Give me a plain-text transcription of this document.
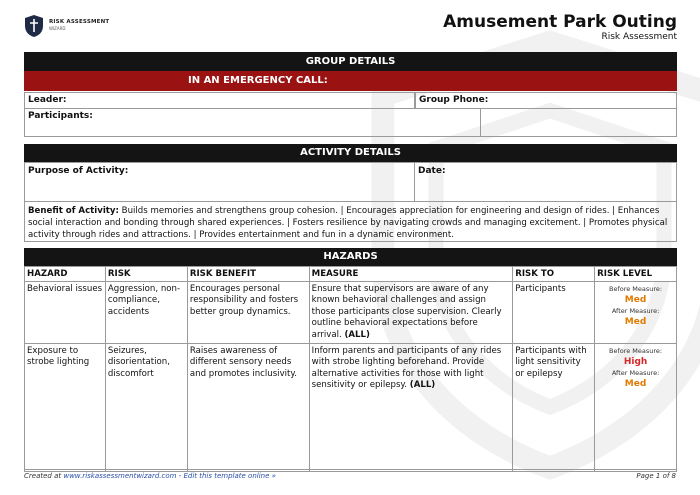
RISK ASSESSMENT
WIZARD	Amusement Park Outing
Risk Assessment
GROUP DETAILS
IN AN EMERGENCY CALL:
Leader:	Group Phone:
Participants:
ACTIVITY DETAILS
Purpose of Activity:	Date:
Benefit of Activity: Builds memories and strengthens group cohesion. | Encourages appreciation for engineering and design of rides. | Enhances social interaction and bonding through shared experiences. | Fosters resilience by navigating crowds and managing excitement. | Promotes physical activity through rides and attractions. | Provides entertainment and fun in a dynamic environment.
HAZARDS
HAZARD	RISK	RISK BENEFIT	MEASURE	RISK TO	RISK LEVEL
Behavioral issues	Aggression, non-compliance, accidents	Encourages personal responsibility and fosters better group dynamics.	Ensure that supervisors are aware of any known behavioral challenges and assign those participants close supervision. Clearly outline behavioral expectations before arrival. (ALL)	Participants	Before Measure:
Med
After Measure:
Med

Exposure to strobe lighting	Seizures, disorientation, discomfort	Raises awareness of different sensory needs and promotes inclusivity.	Inform parents and participants of any rides with strobe lighting beforehand. Provide alternative activities for those with light sensitivity or epilepsy. (ALL)	Participants with light sensitivity or epilepsy	Before Measure:
High
After Measure:
Med
Created at www.riskassessmentwizard.com - Edit this template online »	Page 1 of 8
